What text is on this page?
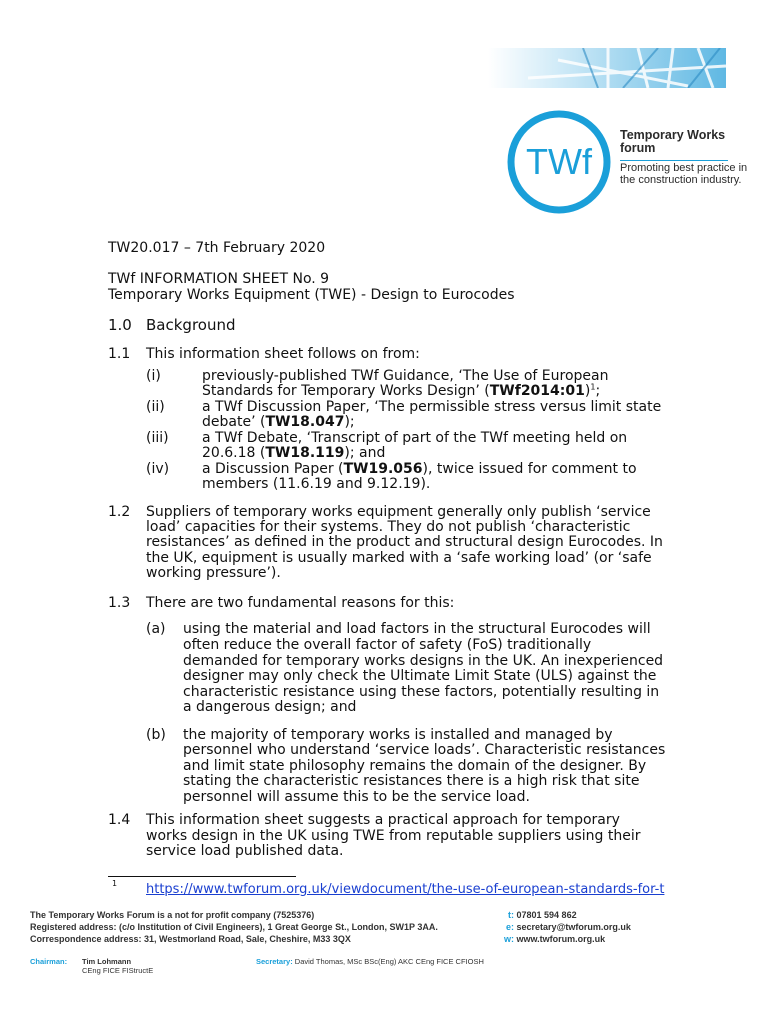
TWf
Temporary Works forum
Promoting best practice in the construction industry.
TW20.017 – 7th February 2020
TWf INFORMATION SHEET No. 9
Temporary Works Equipment (TWE) - Design to Eurocodes
1.0 Background
1.1 This information sheet follows on from:
(i)	previously-published TWf Guidance, ‘The Use of European
Standards for Temporary Works Design’ (TWf2014:01)$^1$;
(ii)	a TWf Discussion Paper, ‘The permissible stress versus limit state
debate’ (TW18.047);
(iii) a TWf Debate, ‘Transcript of part of the TWf meeting held on
20.6.18 (TW18.119); and
(iv) a Discussion Paper (TW19.056), twice issued for comment to
members (11.6.19 and 9.12.19).
1.2 Suppliers of temporary works equipment generally only publish ‘service
load’ capacities for their systems. They do not publish ‘characteristic
resistances’ as defined in the product and structural design Eurocodes. In
the UK, equipment is usually marked with a ‘safe working load’ (or ‘safe
working pressure’).
1.3 There are two fundamental reasons for this:
(a) using the material and load factors in the structural Eurocodes will
often reduce the overall factor of safety (FoS) traditionally
demanded for temporary works designs in the UK. An inexperienced
designer may only check the Ultimate Limit State (ULS) against the
characteristic resistance using these factors, potentially resulting in
a dangerous design; and
(b) the majority of temporary works is installed and managed by
personnel who understand ‘service loads’. Characteristic resistances
and limit state philosophy remains the domain of the designer. By
stating the characteristic resistances there is a high risk that site
personnel will assume this to be the service load.
1.4 This information sheet suggests a practical approach for temporary
works design in the UK using TWE from reputable suppliers using their
service load published data.
1 https://www.twforum.org.uk/viewdocument/the-use-of-european-standards-for-t
The Temporary Works Forum is a not for profit company (7525376)
Registered address: (c/o Institution of Civil Engineers), 1 Great George St., London, SW1P 3AA.
Correspondence address: 31, Westmorland Road, Sale, Cheshire, M33 3QX
t: 07801 594 862
e: secretary@twforum.org.uk
w: www.twforum.org.uk
Chairman: Tim Lohmann
CEng FICE FIStructE
Secretary: David Thomas, MSc BSc(Eng) AKC CEng FICE CFIOSH
